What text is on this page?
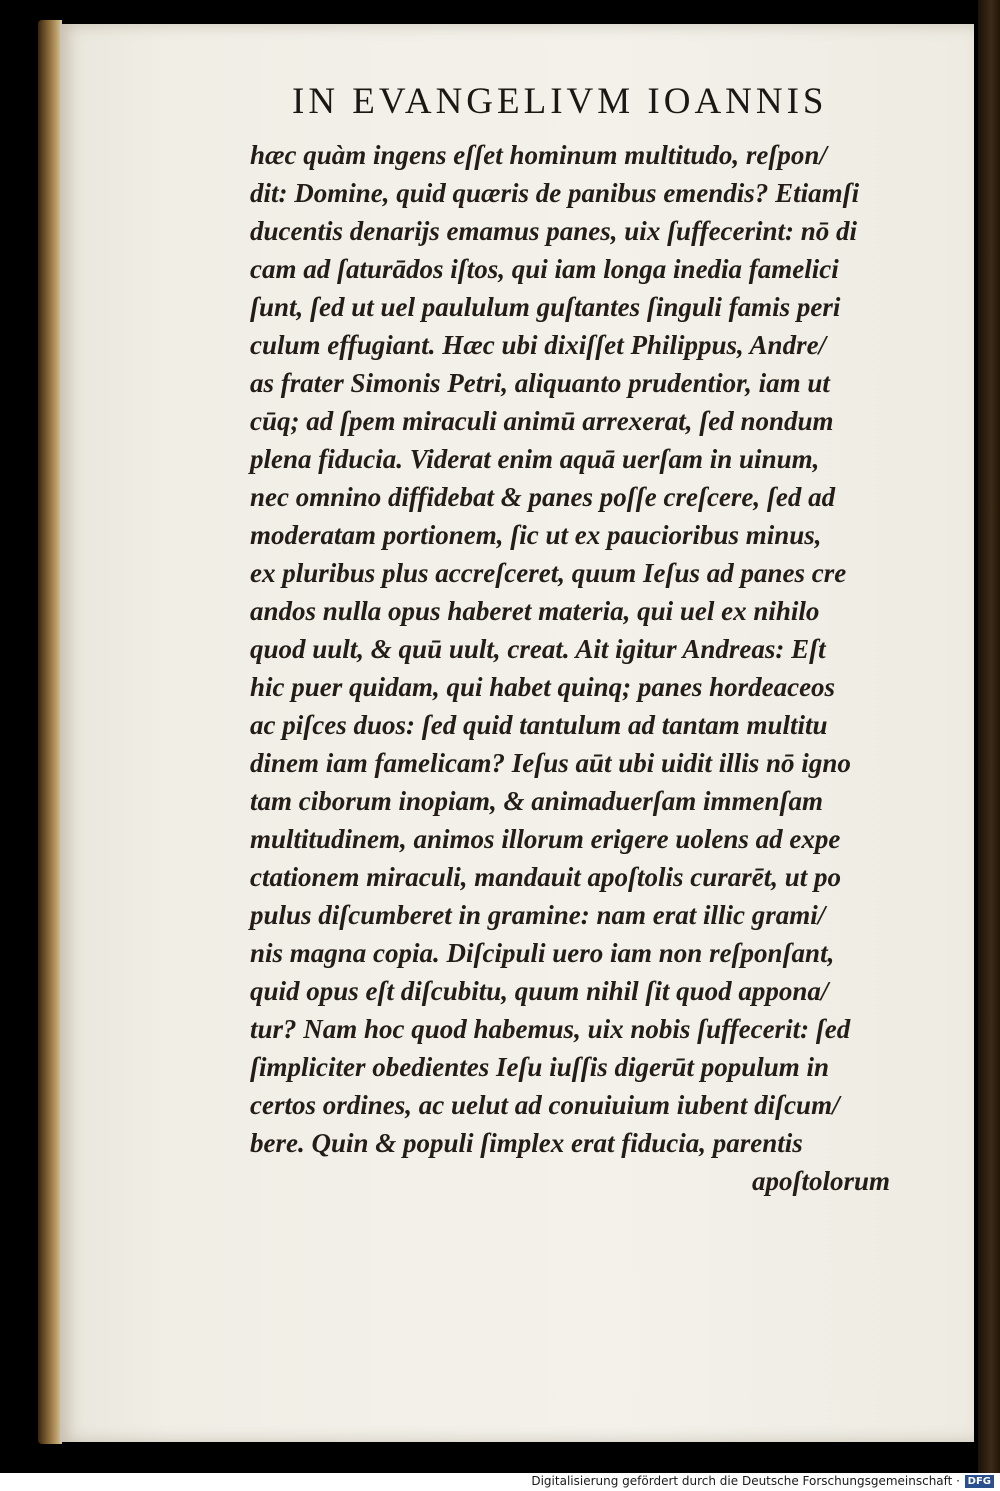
IN EVANGELIVM IOANNIS
hæc quàm ingens eſſet hominum multitudo, reſpon/
dit: Domine, quid quæris de panibus emendis? Etiamſi
ducentis denarijs emamus panes, uix ſuffecerint: nō di
cam ad ſaturādos iſtos, qui iam longa inedia famelici
ſunt, ſed ut uel paululum guſtantes ſinguli famis peri
culum effugiant. Hæc ubi dixiſſet Philippus, Andre/
as frater Simonis Petri, aliquanto prudentior, iam ut
cūq; ad ſpem miraculi animū arrexerat, ſed nondum
plena fiducia. Viderat enim aquā uerſam in uinum,
nec omnino diffidebat & panes poſſe creſcere, ſed ad
moderatam portionem, ſic ut ex paucioribus minus,
ex pluribus plus accreſceret, quum Ieſus ad panes cre
andos nulla opus haberet materia, qui uel ex nihilo
quod uult, & quū uult, creat. Ait igitur Andreas: Eſt
hic puer quidam, qui habet quinq; panes hordeaceos
ac piſces duos: ſed quid tantulum ad tantam multitu
dinem iam famelicam? Ieſus aūt ubi uidit illis nō igno
tam ciborum inopiam, & animaduerſam immenſam
multitudinem, animos illorum erigere uolens ad expe
ctationem miraculi, mandauit apoſtolis curarēt, ut po
pulus diſcumberet in gramine: nam erat illic grami/
nis magna copia. Diſcipuli uero iam non reſponſant,
quid opus eſt diſcubitu, quum nihil ſit quod appona/
tur? Nam hoc quod habemus, uix nobis ſuffecerit: ſed
ſimpliciter obedientes Ieſu iuſſis digerūt populum in
certos ordines, ac uelut ad conuiuium iubent diſcum/
bere. Quin & populi ſimplex erat fiducia, parentis
apoſtolorum
Digitalisierung gefördert durch die Deutsche Forschungsgemeinschaft · DFG
